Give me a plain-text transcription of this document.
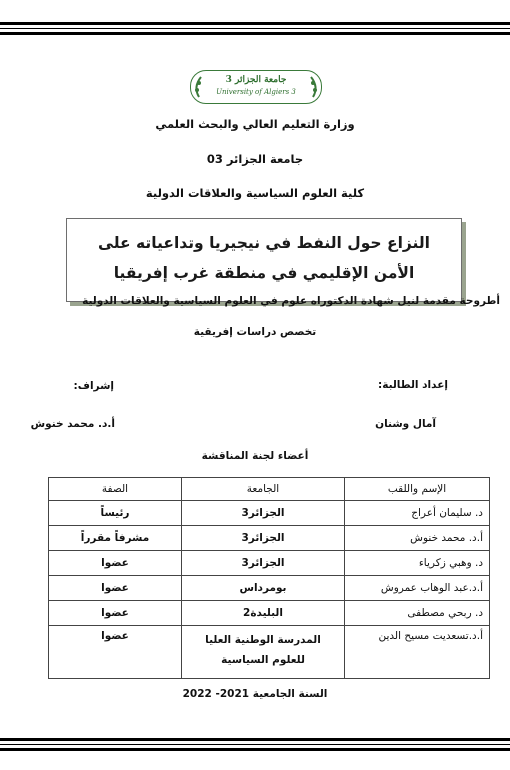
جامعة الجزائر 3
University of Algiers 3
وزارة التعليم العالي والبحث العلمي
جامعة الجزائر 03
كلية العلوم السياسية والعلاقات الدولية
النزاع حول النفط في نيجيريا وتداعياته على الأمن الإقليمي في منطقة غرب إفريقيا
أطروحة مقدمة لنيل شهادة الدكتوراه علوم في العلوم السياسية والعلاقات الدولية
تخصص دراسات إفريقية
إعداد الطالبة:
إشراف:
آمال وشنان
أ.د. محمد خنوش
أعضاء لجنة المناقشة
الإسم واللقب	الجامعة	الصفة
د. سليمان أعراج	الجزائر3	رئيساً
أ.د. محمد خنوش	الجزائر3	مشرفاً مقرراً
د. وهبي زكرياء	الجزائر3	عضوا
أ.د.عبد الوهاب عمروش	بومرداس	عضوا
د. ربحي مصطفى	البليدة2	عضوا
أ.د.تسعديت مسيح الدين	المدرسة الوطنية العليا للعلوم السياسية	عضوا
السنة الجامعية 2021- 2022
